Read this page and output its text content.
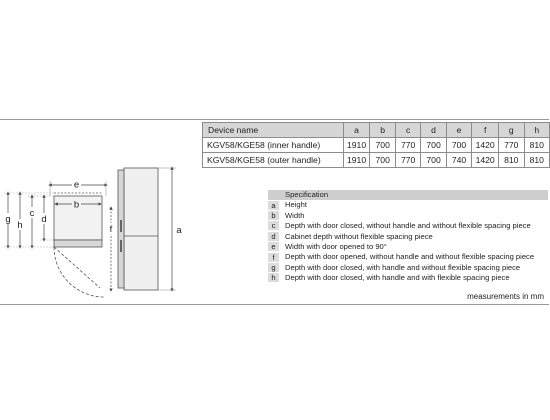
Device name	a	b	c	d	e	f	g	h
KGV58/KGE58 (inner handle)	1910	700	770	700	700	1420	770	810
KGV58/KGE58 (outer handle)	1910	700	770	700	740	1420	810	810
Specification
a	Height
b	Width
c	Depth with door closed, without handle and without flexible spacing piece
d	Cabinet depth without flexible spacing piece
e	Width with door opened to 90°
f	Depth with door opened, without handle and without flexible spacing piece
g	Depth with door closed, with handle and without flexible spacing piece
h	Depth with door closed, with handle and with flexible spacing piece
measurements in mm
e
b
g
h
c
d
f	a
